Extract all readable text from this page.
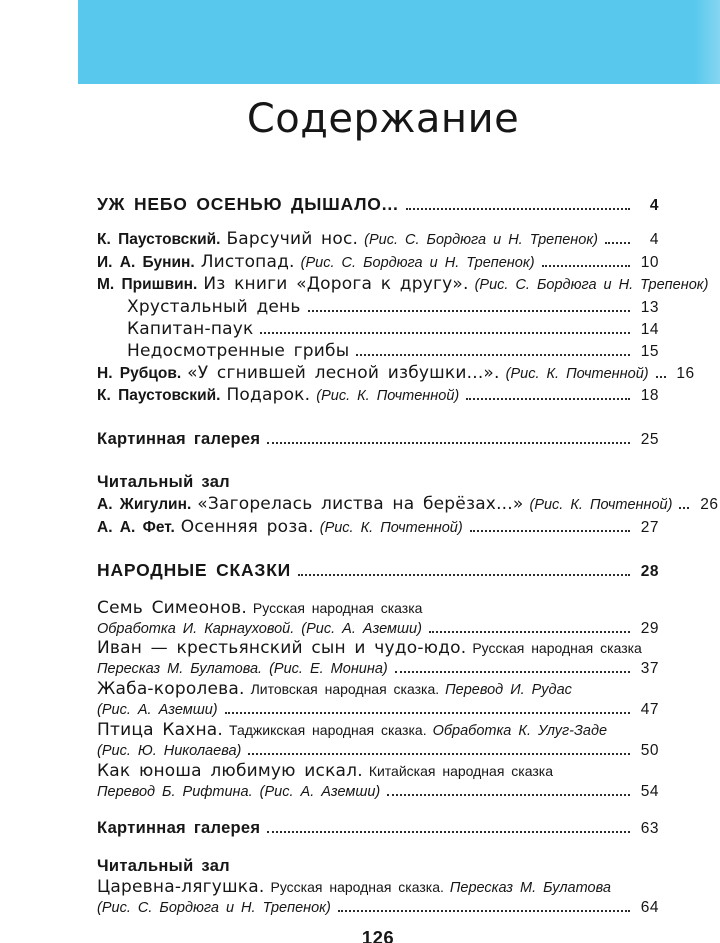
Содержание
УЖ НЕБО ОСЕНЬЮ ДЫШАЛО...	4
К. Паустовский. Барсучий нос. (Рис. С. Бордюга и Н. Трепенок)	4
И. А. Бунин. Листопад. (Рис. С. Бордюга и Н. Трепенок)	10
М. Пришвин. Из книги «Дорога к другу». (Рис. С. Бордюга и Н. Трепенок)
Хрустальный день	13
Капитан-паук	14
Недосмотренные грибы	15
Н. Рубцов. «У сгнившей лесной избушки...». (Рис. К. Почтенной)	16
К. Паустовский. Подарок. (Рис. К. Почтенной)	18
Картинная галерея	25
Читальный зал
А. Жигулин. «Загорелась листва на берёзах...» (Рис. К. Почтенной)	26
А. А. Фет. Осенняя роза. (Рис. К. Почтенной)	27
НАРОДНЫЕ СКАЗКИ	28
Семь Симеонов. Русская народная сказка
Обработка И. Карнауховой. (Рис. А. Аземши)	29
Иван — крестьянский сын и чудо-юдо. Русская народная сказка
Пересказ М. Булатова. (Рис. Е. Монина)	37
Жаба-королева. Литовская народная сказка. Перевод И. Рудас
(Рис. А. Аземши)	47
Птица Кахна. Таджикская народная сказка. Обработка К. Улуг-Заде
(Рис. Ю. Николаева)	50
Как юноша любимую искал. Китайская народная сказка
Перевод Б. Рифтина. (Рис. А. Аземши)	54
Картинная галерея	63
Читальный зал
Царевна-лягушка. Русская народная сказка. Пересказ М. Булатова
(Рис. С. Бордюга и Н. Трепенок)	64
126
